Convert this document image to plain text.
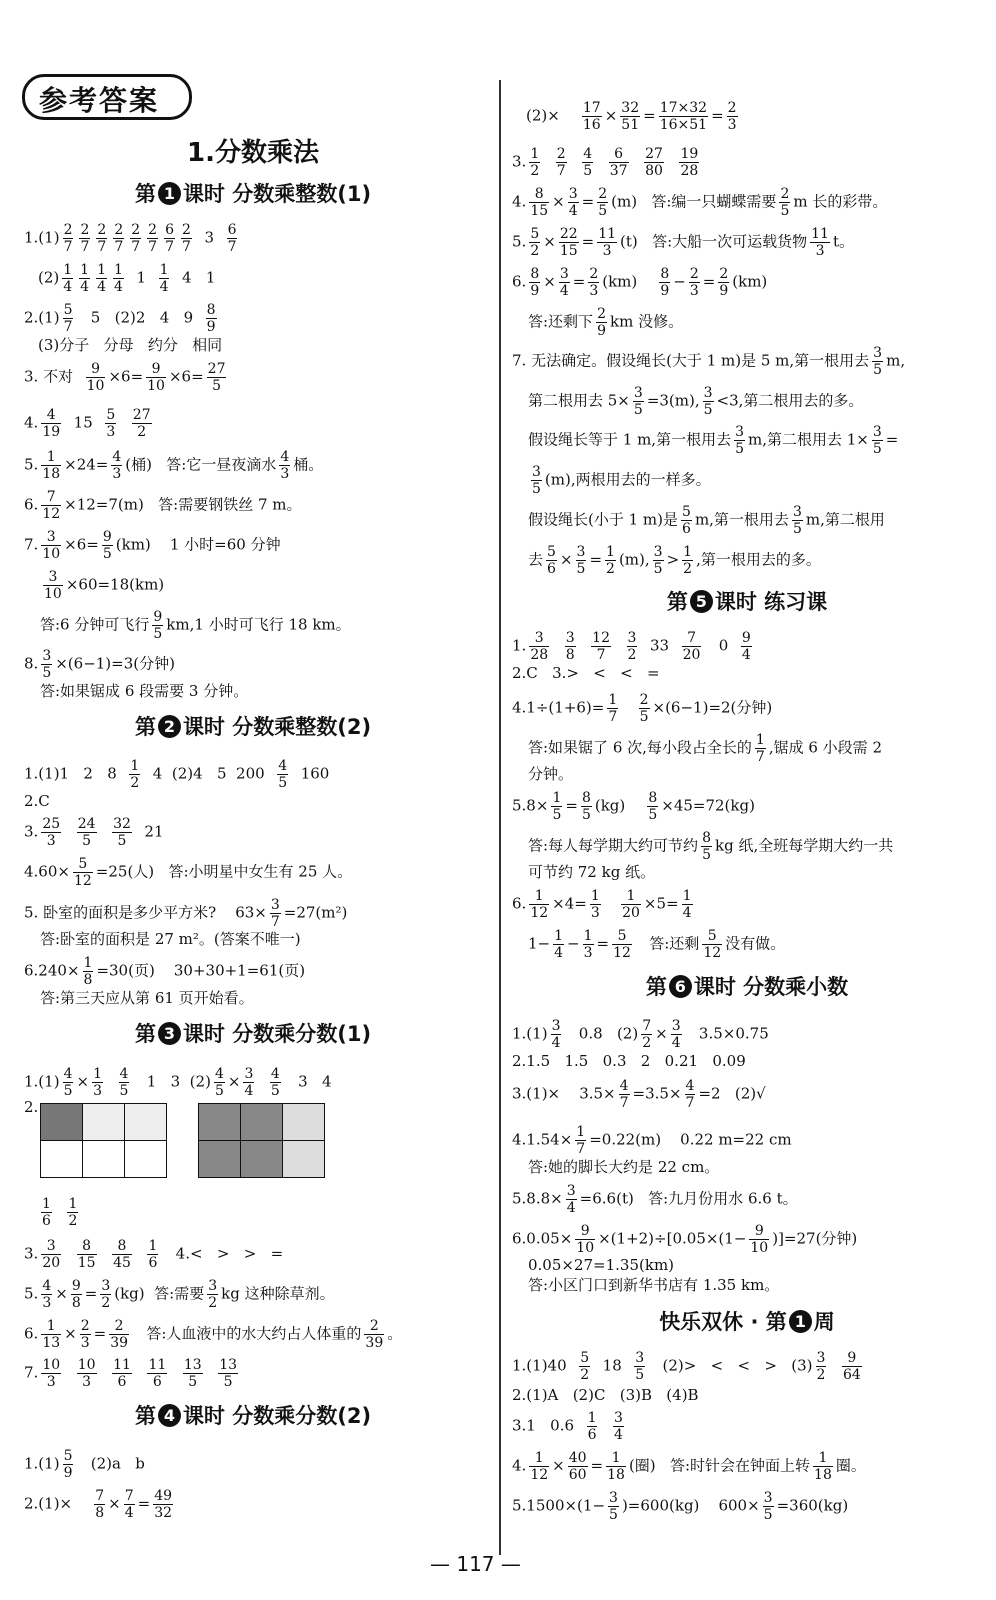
参考答案
1.分数乘法
第 1 课时 分数乘整数(1)
$1.(1) \frac{2}{7} \frac{2}{7} \frac{2}{7} \frac{2}{7} \frac{2}{7} \frac{2}{7} \frac{6}{7} \frac{2}{7} 3 \frac{6}{7}$
$(2) \frac{1}{4} \frac{1}{4} \frac{1}{4} \frac{1}{4} 1 \frac{1}{4} 4$   1
$2.(1) \frac{5}{7} 5$   (2)2   4   $9 \frac{8}{9}$
(3)分子   分母   约分   相同
3. 不对 $\frac{9}{10} \times 6= \frac{9}{10} \times 6= \frac{27}{5}$
4. $\frac{4}{19} 15 \frac{5}{3}$
$\frac{27}{2}$
5. $\frac{1}{18} \times 24= \frac{4}{3}$ (桶)   答:它一昼夜滴水 $\frac{4}{3}$ 桶。
6. $\frac{7}{12} \times 12=7(m)$   答:需要钢铁丝 7 m。
7. $\frac{3}{10} \times 6= \frac{9}{5} (km)$    1 小时=60 分钟
$\frac{3}{10} \times 60=18(km)$
答:6 分钟可飞行 $\frac{9}{5} km,1$ 小时可飞行 18 km。
8. $\frac{3}{5} \times(6-1)=3$(分钟)
答:如果锯成 6 段需要 3 分钟。
第 2 课时 分数乘整数(2)
1.(1)1   2   $8 \frac{1}{2} 4$  (2)4   5  $200 \frac{4}{5} 160$
2.C
3. $\frac{25}{3}$
$\frac{24}{5}$
$\frac{32}{5} 21$
$4.60\times \frac{5}{12} =25$(人)   答:小明星中女生有 25 人。
5. 卧室的面积是多少平方米?    $63\times \frac{3}{7} =27(m^2)$
答:卧室的面积是 27 m²。(答案不唯一)
$6.240\times \frac{1}{8} =30$(页)    30+30+1=61(页)
答:第三天应从第 61 页开始看。
第 3 课时 分数乘分数(1)
$1.(1) \frac{4}{5} \times \frac{1}{3}$
$\frac{4}{5} 1$   3  $(2) \frac{4}{5} \times \frac{3}{4}$
$\frac{4}{5} 3$   4
2.
$\frac{1}{6}$
$\frac{1}{2}$
3. $\frac{3}{20}$
$\frac{8}{15}$
$\frac{8}{45}$
$\frac{1}{6} 4.<$   >   >   =
5. $\frac{4}{3} \times \frac{9}{8} = \frac{3}{2} (kg)$  答:需要 $\frac{3}{2}$ kg 这种除草剂。
6. $\frac{1}{13} \times \frac{2}{3} = \frac{2}{39}$ 答:人血液中的水大约占人体重的 $\frac{2}{39}$ 。
7. $\frac{10}{3}$
$\frac{10}{3}$
$\frac{11}{6}$
$\frac{11}{6}$
$\frac{13}{5}$
$\frac{13}{5}$
第 4 课时 分数乘分数(2)
$1.(1) \frac{5}{9} (2)a$   b
$2.(1)\times \frac{7}{8} \times \frac{7}{4} = \frac{49}{32}$
$(2)\times \frac{17}{16} \times \frac{32}{51} = \frac{17\times 32}{16\times 51} = \frac{2}{3}$
3. $\frac{1}{2}$
$\frac{2}{7}$
$\frac{4}{5}$
$\frac{6}{37}$
$\frac{27}{80}$
$\frac{19}{28}$
4. $\frac{8}{15} \times \frac{3}{4} = \frac{2}{5} (m)$   答:编一只蝴蝶需要 $\frac{2}{5}$ m 长的彩带。
5. $\frac{5}{2} \times \frac{22}{15} = \frac{11}{3} (t)$   答:大船一次可运载货物 $\frac{11}{3}$ t。
6. $\frac{8}{9} \times \frac{3}{4} = \frac{2}{3} (km) \frac{8}{9} - \frac{2}{3} = \frac{2}{9} (km)$
答:还剩下 $\frac{2}{9}$ km 没修。
7. 无法确定。假设绳长(大于 1 m)是 5 m,第一根用去 $\frac{3}{5} m$,
第二根用去 $5\times \frac{3}{5} =3(m)$, $\frac{3}{5} <3$,第二根用去的多。
假设绳长等于 1 m,第一根用去 $\frac{3}{5} m$,第二根用去 $1\times \frac{3}{5}$ =
$\frac{3}{5} (m)$,两根用去的一样多。
假设绳长(小于 1 m)是 $\frac{5}{6} m$,第一根用去 $\frac{3}{5} m$,第二根用
去 $\frac{5}{6} \times \frac{3}{5} = \frac{1}{2} (m)$, $\frac{3}{5} > \frac{1}{2}$ ,第一根用去的多。
第 5 课时 练习课
1. $\frac{3}{28}$
$\frac{3}{8}$
$\frac{12}{7}$
$\frac{3}{2} 33 \frac{7}{20} 0 \frac{9}{4}$
2.C   3.>   <   <   =
$4.1\div(1+6)= \frac{1}{7}$
$\frac{2}{5} \times(6-1)=2$(分钟)
答:如果锯了 6 次,每小段占全长的 $\frac{1}{7}$ ,锯成 6 小段需 2
分钟。
$5.8\times \frac{1}{5} = \frac{8}{5} (kg) \frac{8}{5} \times 45=72(kg)$
答:每人每学期大约可节约 $\frac{8}{5}$ kg 纸,全班每学期大约一共
可节约 72 kg 纸。
6. $\frac{1}{12} \times 4= \frac{1}{3}$
$\frac{1}{20} \times 5= \frac{1}{4}$
$1- \frac{1}{4} - \frac{1}{3} = \frac{5}{12}$ 答:还剩 $\frac{5}{12}$ 没有做。
第 6 课时 分数乘小数
$1.(1) \frac{3}{4} 0.8$   $(2) \frac{7}{2} \times \frac{3}{4} 3.5\times 0.75$
2.1.5   1.5   0.3   2   0.21   0.09
3.(1)×    $3.5\times \frac{4}{7} =3.5\times \frac{4}{7} =2$   (2)√
$4.1.54\times \frac{1}{7} =0.22(m)$    0.22 m=22 cm
答:她的脚长大约是 22 cm。
$5.8.8\times \frac{3}{4} =6.6(t)$   答:九月份用水 6.6 t。
$6.0.05\times \frac{9}{10} \times(1+2)\div[0.05\times(1- \frac{9}{10} )]=27$(分钟)
0.05×27=1.35(km)
答:小区门口到新华书店有 1.35 km。
快乐双休 · 第 1 周
$1.(1)40 \frac{5}{2} 18 \frac{3}{5} (2)>$   <   <   >   $(3) \frac{3}{2}$
$\frac{9}{64}$
2.(1)A   (2)C   (3)B   (4)B
3.1   $0.6 \frac{1}{6}$
$\frac{3}{4}$
4. $\frac{1}{12} \times \frac{40}{60} = \frac{1}{18}$ (圈)   答:时针会在钟面上转 $\frac{1}{18}$ 圈。
$5.1500\times(1- \frac{3}{5} )=600(kg)$    $600\times \frac{3}{5} =360(kg)$
— 117 —
